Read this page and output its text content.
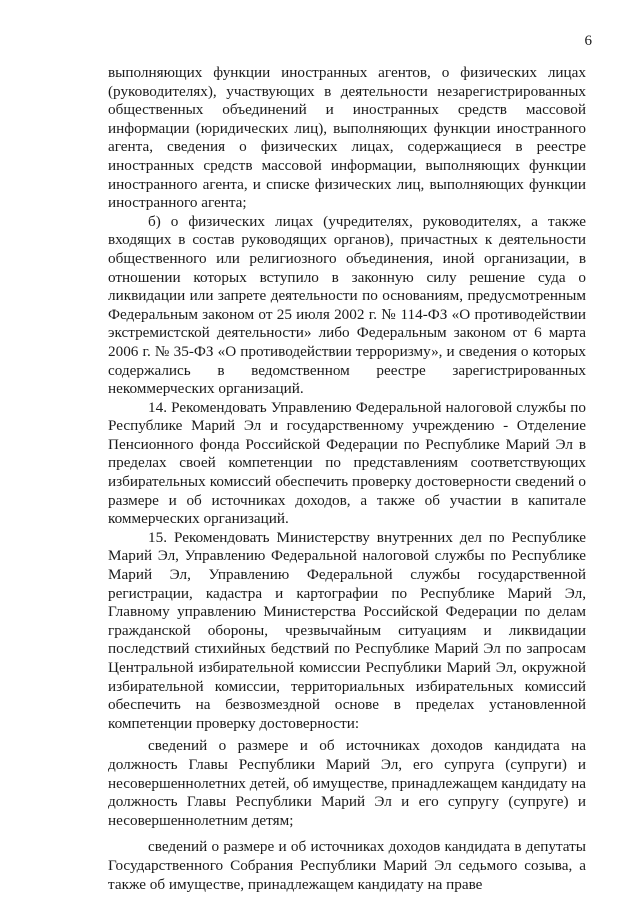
6

выполняющих функции иностранных агентов, о физических лицах (руководителях), участвующих в деятельности незарегистрированных общественных объединений и иностранных средств массовой информации (юридических лиц), выполняющих функции иностранного агента, сведения о физических лицах, содержащиеся в реестре иностранных средств массовой информации, выполняющих функции иностранного агента, и списке физических лиц, выполняющих функции иностранного агента;

б) о физических лицах (учредителях, руководителях, а также входящих в состав руководящих органов), причастных к деятельности общественного или религиозного объединения, иной организации, в отношении которых вступило в законную силу решение суда о ликвидации или запрете деятельности по основаниям, предусмотренным Федеральным законом от 25 июля 2002 г. № 114-ФЗ «О противодействии экстремистской деятельности» либо Федеральным законом от 6 марта 2006 г. № 35-ФЗ «О противодействии терроризму», и сведения о которых содержались в ведомственном реестре зарегистрированных некоммерческих организаций.

14. Рекомендовать Управлению Федеральной налоговой службы по Республике Марий Эл и государственному учреждению - Отделение Пенсионного фонда Российской Федерации по Республике Марий Эл в пределах своей компетенции по представлениям соответствующих избирательных комиссий обеспечить проверку достоверности сведений о размере и об источниках доходов, а также об участии в капитале коммерческих организаций.

15. Рекомендовать Министерству внутренних дел по Республике Марий Эл, Управлению Федеральной налоговой службы по Республике Марий Эл, Управлению Федеральной службы государственной регистрации, кадастра и картографии по Республике Марий Эл, Главному управлению Министерства Российской Федерации по делам гражданской обороны, чрезвычайным ситуациям и ликвидации последствий стихийных бедствий по Республике Марий Эл по запросам Центральной избирательной комиссии Республики Марий Эл, окружной избирательной комиссии, территориальных избирательных комиссий обеспечить на безвозмездной основе в пределах установленной компетенции проверку достоверности:

сведений о размере и об источниках доходов кандидата на должность Главы Республики Марий Эл, его супруга (супруги) и несовершеннолетних детей, об имуществе, принадлежащем кандидату на должность Главы Республики Марий Эл и его супругу (супруге) и несовершеннолетним детям;

сведений о размере и об источниках доходов кандидата в депутаты Государственного Собрания Республики Марий Эл седьмого созыва, а также об имуществе, принадлежащем кандидату на праве
